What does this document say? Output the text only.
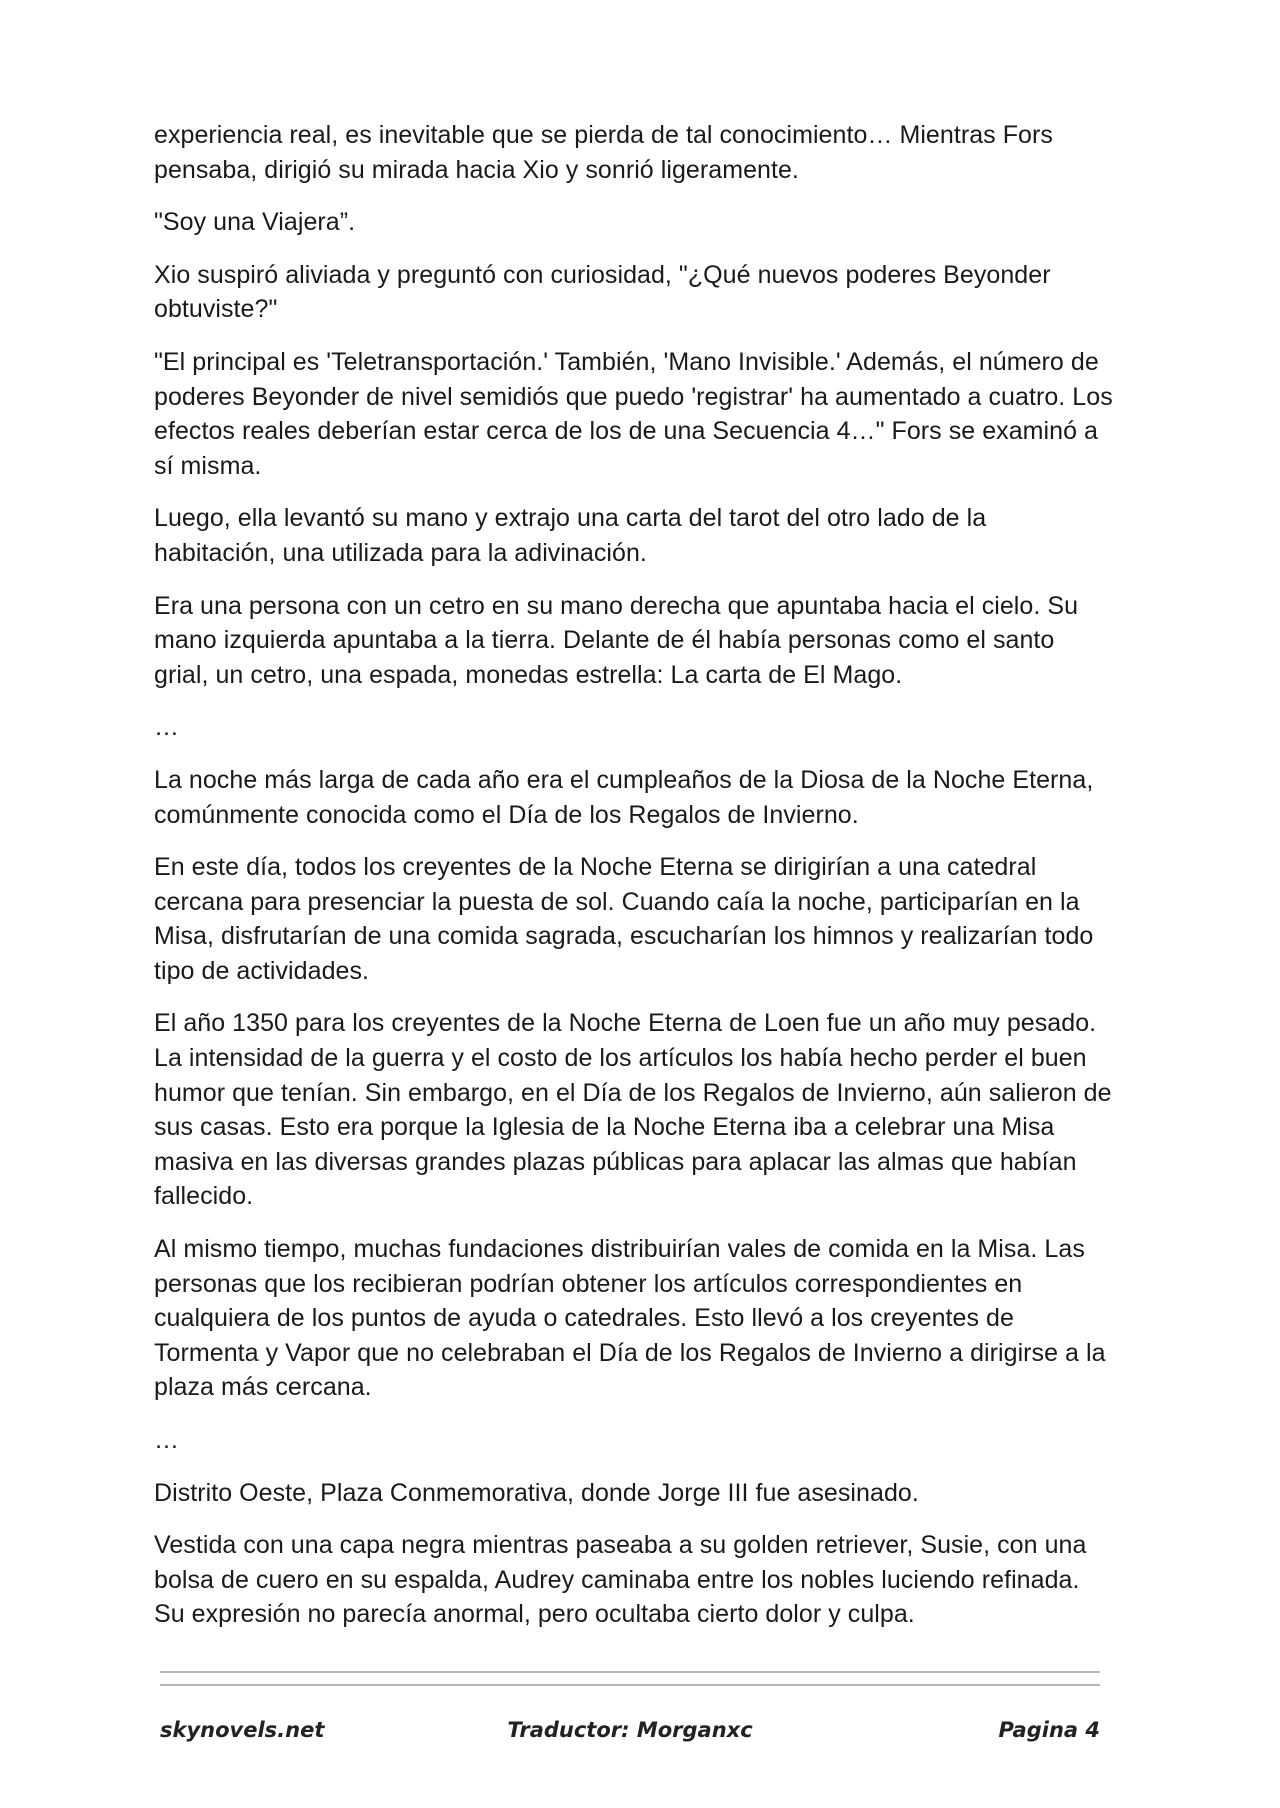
experiencia real, es inevitable que se pierda de tal conocimiento… Mientras Fors pensaba, dirigió su mirada hacia Xio y sonrió ligeramente.

"Soy una Viajera”.

Xio suspiró aliviada y preguntó con curiosidad, "¿Qué nuevos poderes Beyonder obtuviste?"

"El principal es 'Teletransportación.' También, 'Mano Invisible.' Además, el número de poderes Beyonder de nivel semidiós que puedo 'registrar' ha aumentado a cuatro. Los efectos reales deberían estar cerca de los de una Secuencia 4…" Fors se examinó a sí misma.

Luego, ella levantó su mano y extrajo una carta del tarot del otro lado de la habitación, una utilizada para la adivinación.

Era una persona con un cetro en su mano derecha que apuntaba hacia el cielo. Su mano izquierda apuntaba a la tierra. Delante de él había personas como el santo grial, un cetro, una espada, monedas estrella: La carta de El Mago.

…

La noche más larga de cada año era el cumpleaños de la Diosa de la Noche Eterna, comúnmente conocida como el Día de los Regalos de Invierno.

En este día, todos los creyentes de la Noche Eterna se dirigirían a una catedral cercana para presenciar la puesta de sol. Cuando caía la noche, participarían en la Misa, disfrutarían de una comida sagrada, escucharían los himnos y realizarían todo tipo de actividades.

El año 1350 para los creyentes de la Noche Eterna de Loen fue un año muy pesado. La intensidad de la guerra y el costo de los artículos los había hecho perder el buen humor que tenían. Sin embargo, en el Día de los Regalos de Invierno, aún salieron de sus casas. Esto era porque la Iglesia de la Noche Eterna iba a celebrar una Misa masiva en las diversas grandes plazas públicas para aplacar las almas que habían fallecido.

Al mismo tiempo, muchas fundaciones distribuirían vales de comida en la Misa. Las personas que los recibieran podrían obtener los artículos correspondientes en cualquiera de los puntos de ayuda o catedrales. Esto llevó a los creyentes de Tormenta y Vapor que no celebraban el Día de los Regalos de Invierno a dirigirse a la plaza más cercana.

…

Distrito Oeste, Plaza Conmemorativa, donde Jorge III fue asesinado.

Vestida con una capa negra mientras paseaba a su golden retriever, Susie, con una bolsa de cuero en su espalda, Audrey caminaba entre los nobles luciendo refinada. Su expresión no parecía anormal, pero ocultaba cierto dolor y culpa.

skynovels.net	Traductor: Morganxc	Pagina 4
